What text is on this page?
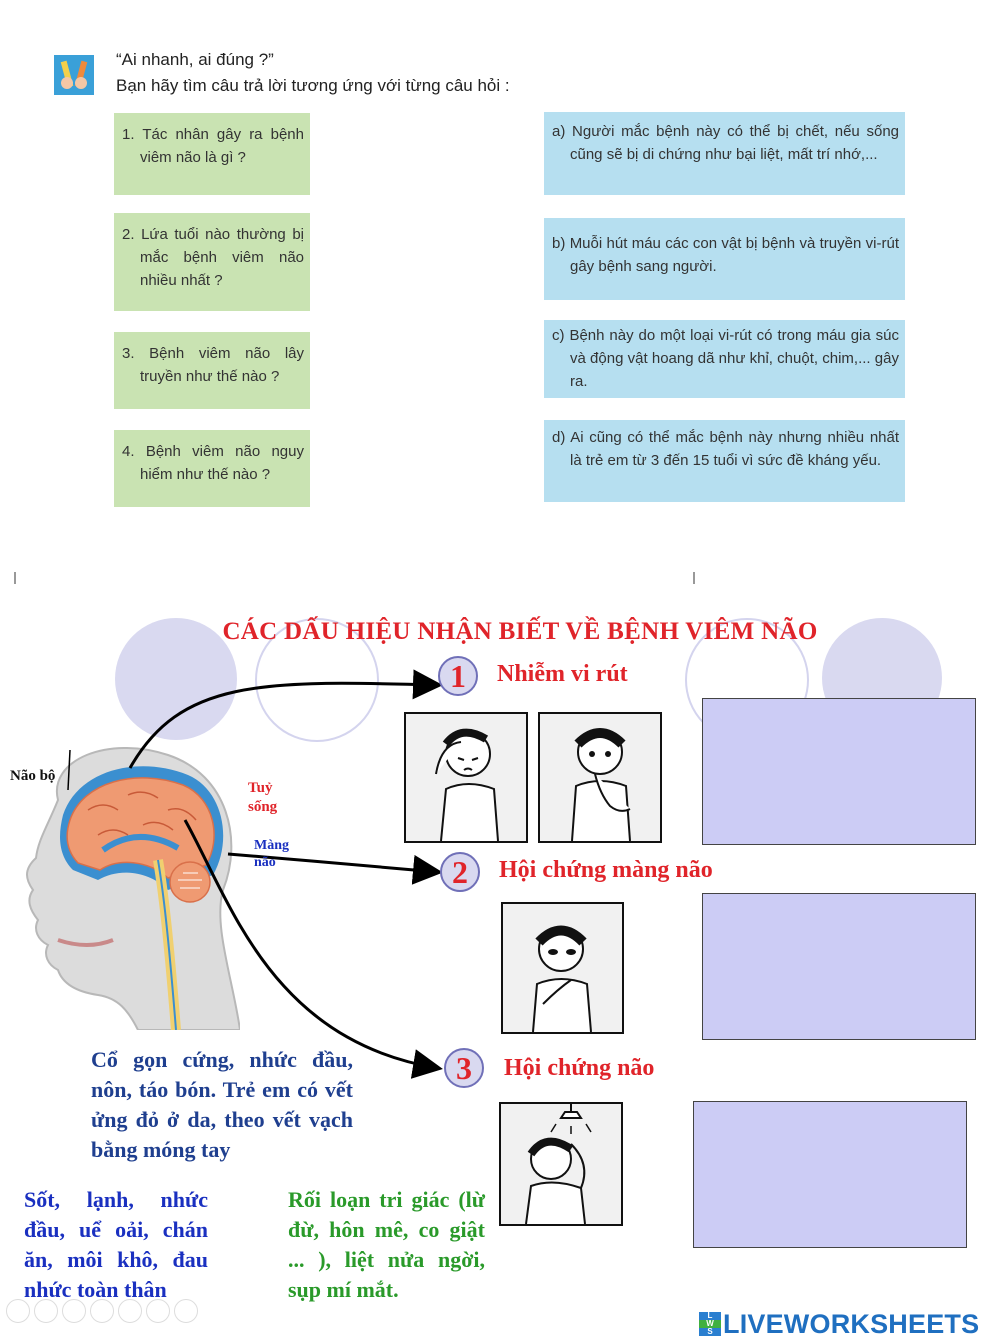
“Ai nhanh, ai đúng ?”
Bạn hãy tìm câu trả lời tương ứng với từng câu hỏi :
1. Tác nhân gây ra bệnh viêm não là gì ?
2. Lứa tuổi nào thường bị mắc bệnh viêm não nhiều nhất ?
3. Bệnh viêm não lây truyền như thế nào ?
4. Bệnh viêm não nguy hiểm như thế nào ?
a) Người mắc bệnh này có thể bị chết, nếu sống cũng sẽ bị di chứng như bại liệt, mất trí nhớ,...
b) Muỗi hút máu các con vật bị bệnh và truyền vi-rút gây bệnh sang người.
c) Bệnh này do một loại vi-rút có trong máu gia súc và động vật hoang dã như khỉ, chuột, chim,... gây ra.
d) Ai cũng có thể mắc bệnh này nhưng nhiều nhất là trẻ em từ 3 đến 15 tuổi vì sức đề kháng yếu.
CÁC DẤU HIỆU NHẬN BIẾT VỀ BỆNH VIÊM NÃO
Não bộ
Tuỷ sống
Màng não
1	Nhiễm vi rút
2	Hội chứng màng não
3	Hội chứng não
Cổ gọn cứng, nhức đầu, nôn, táo bón. Trẻ em có vết ửng đỏ ở da, theo vết vạch bằng móng tay
Sốt, lạnh, nhức đầu, uể oải, chán ăn, môi khô, đau nhức toàn thân
Rối loạn tri giác (lừ đừ, hôn mê, co giật ... ), liệt nửa ngời, sụp mí mắt.
L
W
S LIVEWORKSHEETS
